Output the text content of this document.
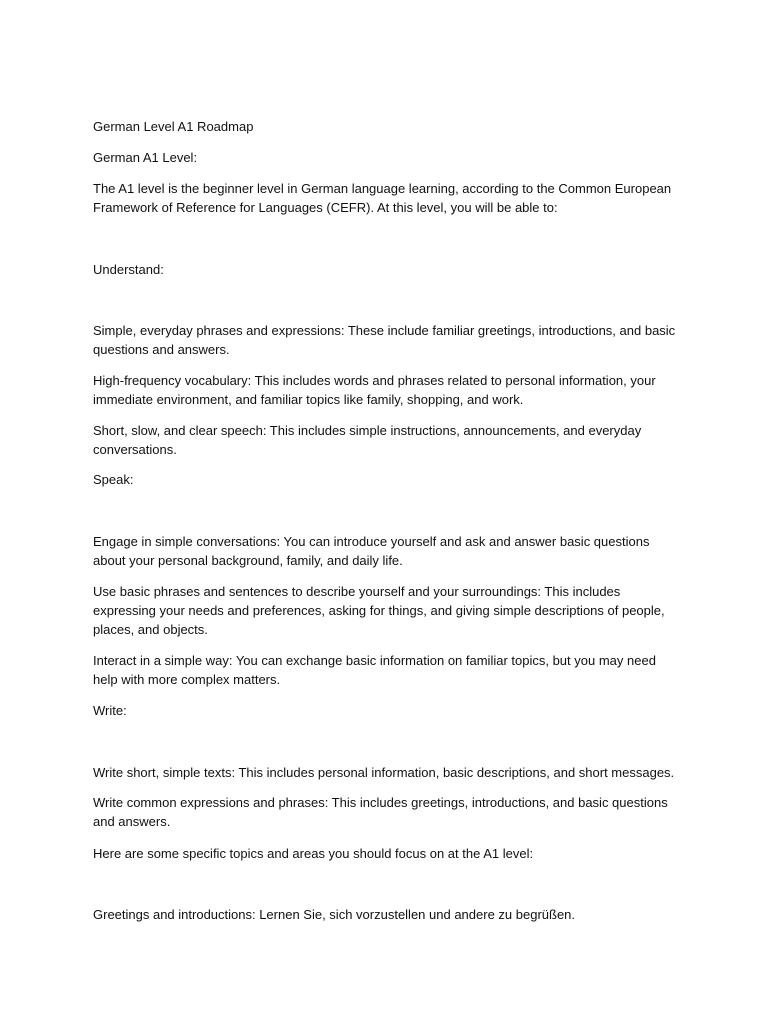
German Level A1 Roadmap

German A1 Level:

The A1 level is the beginner level in German language learning, according to the Common European Framework of Reference for Languages (CEFR). At this level, you will be able to:

Understand:

Simple, everyday phrases and expressions: These include familiar greetings, introductions, and basic questions and answers.

High-frequency vocabulary: This includes words and phrases related to personal information, your immediate environment, and familiar topics like family, shopping, and work.

Short, slow, and clear speech: This includes simple instructions, announcements, and everyday conversations.

Speak:

Engage in simple conversations: You can introduce yourself and ask and answer basic questions about your personal background, family, and daily life.

Use basic phrases and sentences to describe yourself and your surroundings: This includes expressing your needs and preferences, asking for things, and giving simple descriptions of people, places, and objects.

Interact in a simple way: You can exchange basic information on familiar topics, but you may need help with more complex matters.

Write:

Write short, simple texts: This includes personal information, basic descriptions, and short messages.

Write common expressions and phrases: This includes greetings, introductions, and basic questions and answers.

Here are some specific topics and areas you should focus on at the A1 level:

Greetings and introductions: Lernen Sie, sich vorzustellen und andere zu begrüßen.
